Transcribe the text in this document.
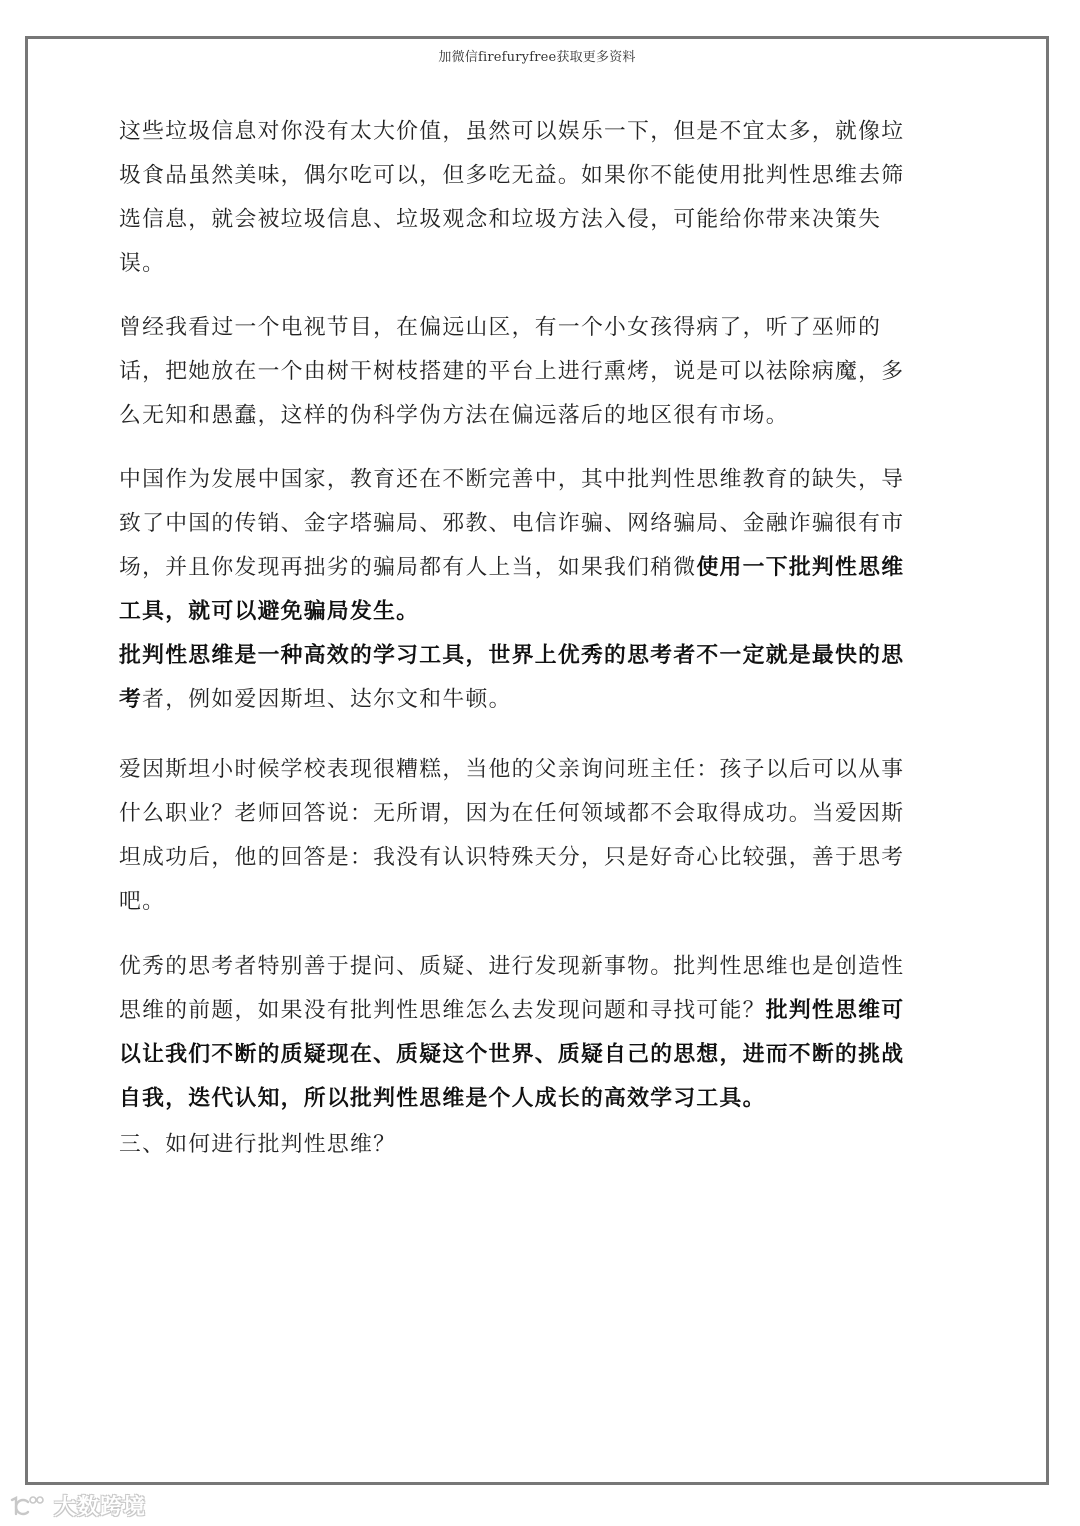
加微信firefuryfree获取更多资料
这些垃圾信息对你没有太大价值，虽然可以娱乐一下，但是不宜太多，就像垃
圾食品虽然美味，偶尔吃可以，但多吃无益。如果你不能使用批判性思维去筛
选信息，就会被垃圾信息、垃圾观念和垃圾方法入侵，可能给你带来决策失
误。
曾经我看过一个电视节目，在偏远山区，有一个小女孩得病了，听了巫师的
话，把她放在一个由树干树枝搭建的平台上进行熏烤，说是可以祛除病魔，多
么无知和愚蠢，这样的伪科学伪方法在偏远落后的地区很有市场。
中国作为发展中国家，教育还在不断完善中，其中批判性思维教育的缺失，导
致了中国的传销、金字塔骗局、邪教、电信诈骗、网络骗局、金融诈骗很有市
场，并且你发现再拙劣的骗局都有人上当，如果我们稍微使用一下批判性思维
工具，就可以避免骗局发生。
批判性思维是一种高效的学习工具，世界上优秀的思考者不一定就是最快的思
考者，例如爱因斯坦、达尔文和牛顿。
爱因斯坦小时候学校表现很糟糕，当他的父亲询问班主任：孩子以后可以从事
什么职业？老师回答说：无所谓，因为在任何领域都不会取得成功。当爱因斯
坦成功后，他的回答是：我没有认识特殊天分，只是好奇心比较强，善于思考
吧。
优秀的思考者特别善于提问、质疑、进行发现新事物。批判性思维也是创造性
思维的前题，如果没有批判性思维怎么去发现问题和寻找可能？批判性思维可
以让我们不断的质疑现在、质疑这个世界、质疑自己的思想，进而不断的挑战
自我，迭代认知，所以批判性思维是个人成长的高效学习工具。
三、如何进行批判性思维？
大数跨境
